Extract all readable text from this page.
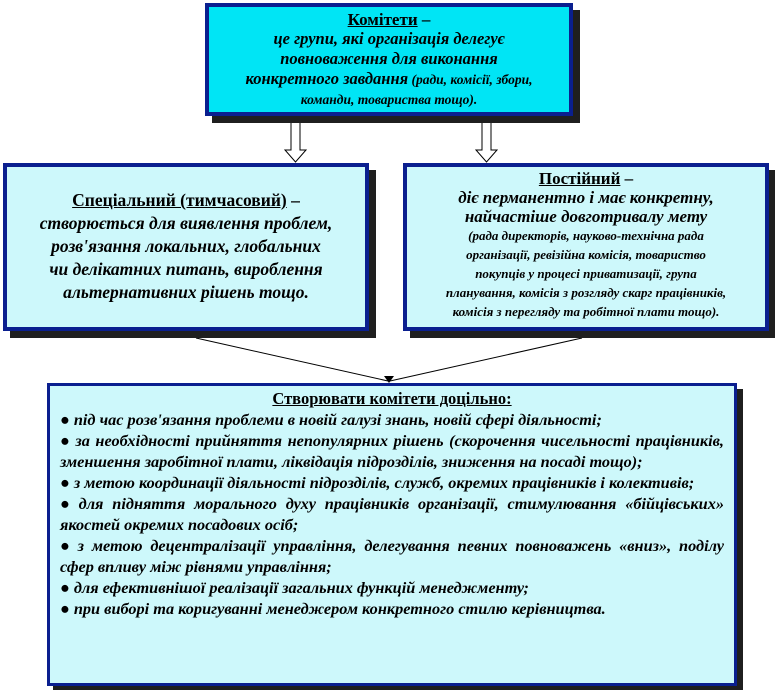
Комітети –
це групи, які організація делегує
повноваження для виконання
конкретного завдання (ради, комісії, збори,
команди, товариства тощо).
Спеціальний (тимчасовий) –
створюється для виявлення проблем,
розв'язання локальних, глобальних
чи делікатних питань, вироблення
альтернативних рішень тощо.
Постійний –
діє перманентно і має конкретну,
найчастіше довготривалу мету
(рада директорів, науково-технічна рада
організації, ревізійна комісія, товариство
покупців у процесі приватизації, група
планування, комісія з розгляду скарг працівників,
комісія з перегляду та робітної плати тощо).
Створювати комітети доцільно:

● під час розв'язання проблеми в новій галузі знань, новій сфері діяльності;

● за необхідності прийняття непопулярних рішень (скорочення чисельності працівників, зменшення заробітної плати, ліквідація підрозділів, зниження на посаді тощо);

● з метою координації діяльності підрозділів, служб, окремих працівників і колективів;

● для підняття морального духу працівників організації, стимулювання «бійцівських» якостей окремих посадових осіб;

● з метою децентралізації управління, делегування певних повноважень «вниз», поділу сфер впливу між рівнями управління;

● для ефективнішої реалізації загальних функцій менеджменту;

● при виборі та коригуванні менеджером конкретного стилю керівництва.
